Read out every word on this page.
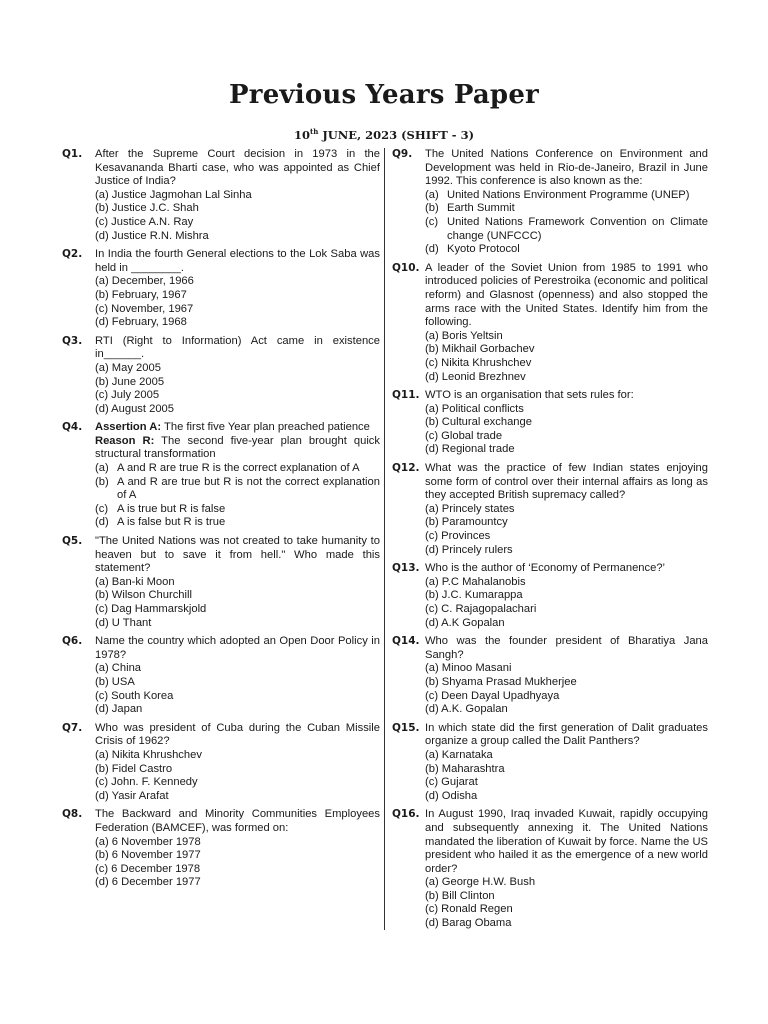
Previous Years Paper
10th JUNE, 2023 (SHIFT - 3)
Q1.	After the Supreme Court decision in 1973 in the Kesavananda Bharti case, who was appointed as Chief Justice of India?
(a) Justice Jagmohan Lal Sinha
(b) Justice J.C. Shah
(c) Justice A.N. Ray
(d) Justice R.N. Mishra
Q2.	In India the fourth General elections to the Lok Saba was held in ________.
(a) December, 1966
(b) February, 1967
(c) November, 1967
(d) February, 1968
Q3.	RTI (Right to Information) Act came in existence in______.
(a) May 2005
(b) June 2005
(c) July 2005
(d) August 2005
Q4.	Assertion A: The first five Year plan preached patience
Reason R: The second five-year plan brought quick structural transformation
(a) A and R are true R is the correct explanation of A
(b) A and R are true but R is not the correct explanation of A
(c) A is true but R is false
(d) A is false but R is true
Q5.	"The United Nations was not created to take humanity to heaven but to save it from hell." Who made this statement?
(a) Ban-ki Moon
(b) Wilson Churchill
(c) Dag Hammarskjold
(d) U Thant
Q6.	Name the country which adopted an Open Door Policy in 1978?
(a) China
(b) USA
(c) South Korea
(d) Japan
Q7.	Who was president of Cuba during the Cuban Missile Crisis of 1962?
(a) Nikita Khrushchev
(b) Fidel Castro
(c) John. F. Kennedy
(d) Yasir Arafat
Q8.	The Backward and Minority Communities Employees Federation (BAMCEF), was formed on:
(a) 6 November 1978
(b) 6 November 1977
(c) 6 December 1978
(d) 6 December 1977
Q9.	The United Nations Conference on Environment and Development was held in Rio-de-Janeiro, Brazil in June 1992. This conference is also known as the:
(a) United Nations Environment Programme (UNEP)
(b) Earth Summit
(c) United Nations Framework Convention on Climate change (UNFCCC)
(d) Kyoto Protocol
Q10. A leader of the Soviet Union from 1985 to 1991 who introduced policies of Perestroika (economic and political reform) and Glasnost (openness) and also stopped the arms race with the United States. Identify him from the following.
(a) Boris Yeltsin
(b) Mikhail Gorbachev
(c) Nikita Khrushchev
(d) Leonid Brezhnev
Q11. WTO is an organisation that sets rules for:
(a) Political conflicts
(b) Cultural exchange
(c) Global trade
(d) Regional trade
Q12. What was the practice of few Indian states enjoying some form of control over their internal affairs as long as they accepted British supremacy called?
(a) Princely states
(b) Paramountcy
(c) Provinces
(d) Princely rulers
Q13. Who is the author of ‘Economy of Permanence?’
(a) P.C Mahalanobis
(b) J.C. Kumarappa
(c) C. Rajagopalachari
(d) A.K Gopalan
Q14. Who was the founder president of Bharatiya Jana Sangh?
(a) Minoo Masani
(b) Shyama Prasad Mukherjee
(c) Deen Dayal Upadhyaya
(d) A.K. Gopalan
Q15. In which state did the first generation of Dalit graduates organize a group called the Dalit Panthers?
(a) Karnataka
(b) Maharashtra
(c) Gujarat
(d) Odisha
Q16. In August 1990, Iraq invaded Kuwait, rapidly occupying and subsequently annexing it. The United Nations mandated the liberation of Kuwait by force. Name the US president who hailed it as the emergence of a new world order?
(a) George H.W. Bush
(b) Bill Clinton
(c) Ronald Regen
(d) Barag Obama
